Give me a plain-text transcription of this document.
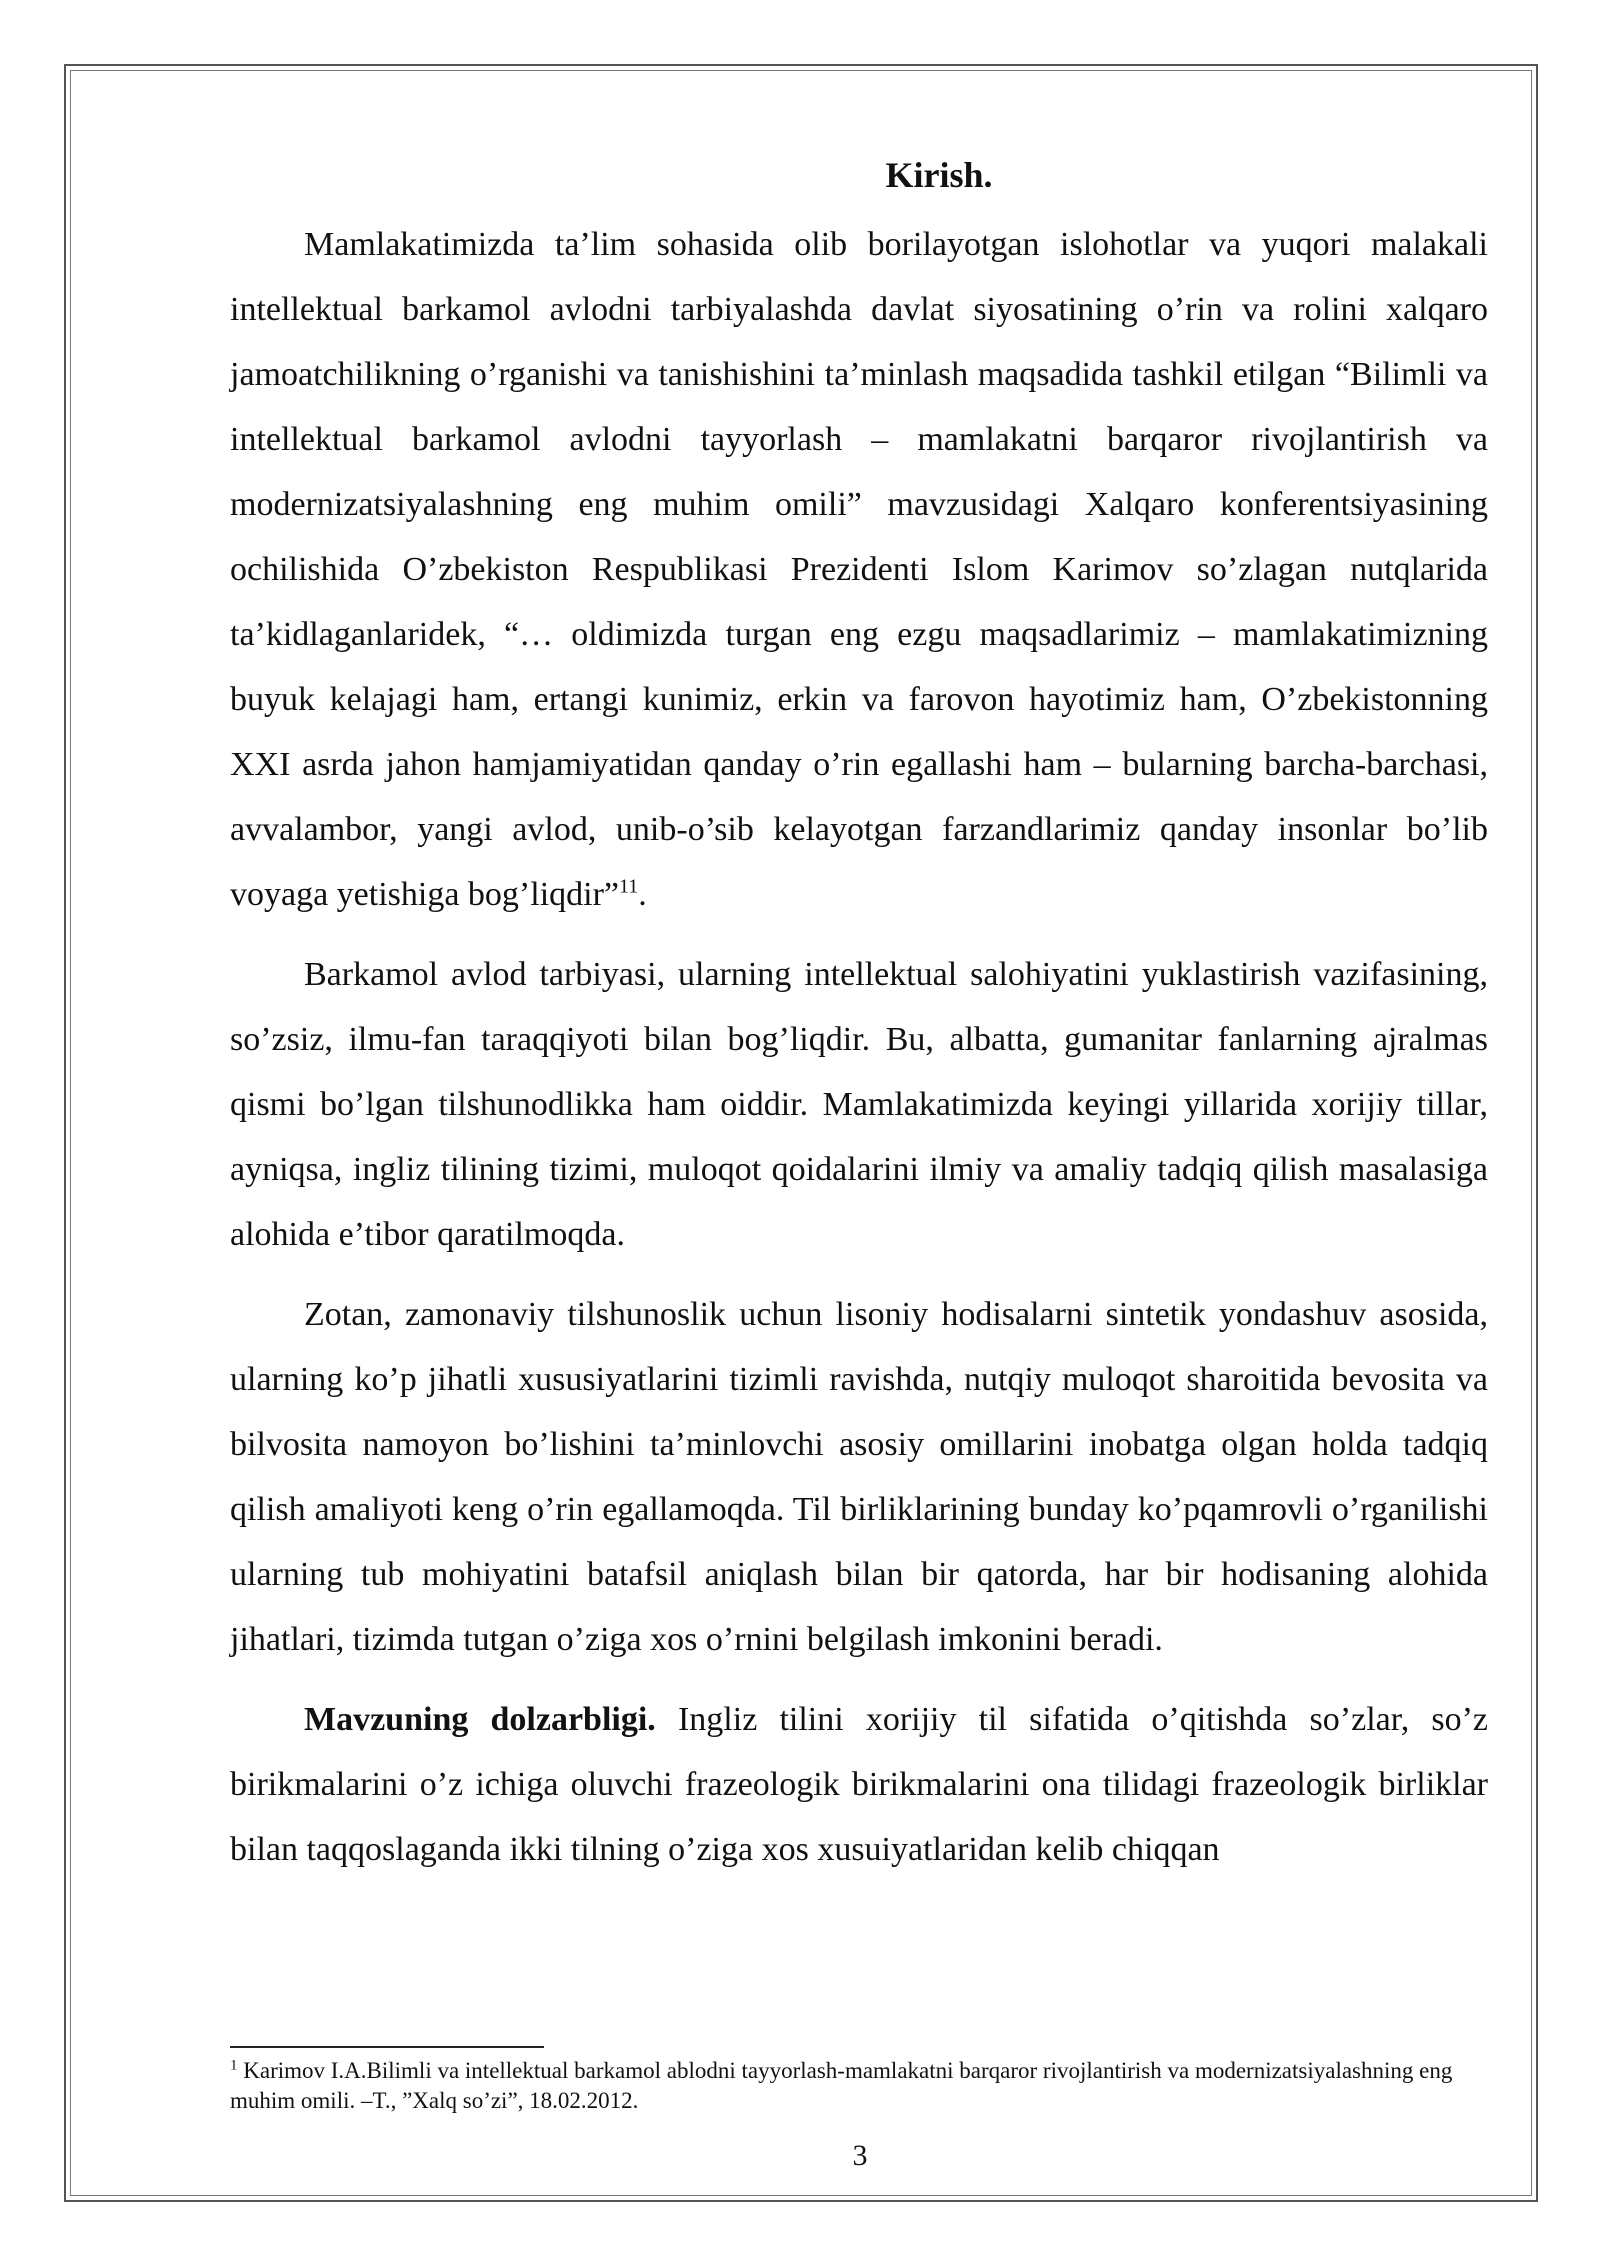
Kirish.

Mamlakatimizda ta’lim sohasida olib borilayotgan islohotlar va yuqori malakali intellektual barkamol avlodni tarbiyalashda davlat siyosatining o’rin va rolini xalqaro jamoatchilikning o’rganishi va tanishishini ta’minlash maqsadida tashkil etilgan “Bilimli va intellektual barkamol avlodni tayyorlash – mamlakatni barqaror rivojlantirish va modernizatsiyalashning eng muhim omili” mavzusidagi Xalqaro konferentsiyasining ochilishida O’zbekiston Respublikasi Prezidenti Islom Karimov so’zlagan nutqlarida ta’kidlaganlaridek, “… oldimizda turgan eng ezgu maqsadlarimiz – mamlakatimizning buyuk kelajagi ham, ertangi kunimiz, erkin va farovon hayotimiz ham, O’zbekistonning XXI asrda jahon hamjamiyatidan qanday o’rin egallashi ham – bularning barcha-barchasi, avvalambor, yangi avlod, unib-o’sib kelayotgan farzandlarimiz qanday insonlar bo’lib voyaga yetishiga bog’liqdir”$^{11}$.

Barkamol avlod tarbiyasi, ularning intellektual salohiyatini yuklastirish vazifasining, so’zsiz, ilmu-fan taraqqiyoti bilan bog’liqdir. Bu, albatta, gumanitar fanlarning ajralmas qismi bo’lgan tilshunodlikka ham oiddir. Mamlakatimizda keyingi yillarida xorijiy tillar, ayniqsa, ingliz tilining tizimi, muloqot qoidalarini ilmiy va amaliy tadqiq qilish masalasiga alohida e’tibor qaratilmoqda.

Zotan, zamonaviy tilshunoslik uchun lisoniy hodisalarni sintetik yondashuv asosida, ularning ko’p jihatli xususiyatlarini tizimli ravishda, nutqiy muloqot sharoitida bevosita va bilvosita namoyon bo’lishini ta’minlovchi asosiy omillarini inobatga olgan holda tadqiq qilish amaliyoti keng o’rin egallamoqda. Til birliklarining bunday ko’pqamrovli o’rganilishi ularning tub mohiyatini batafsil aniqlash bilan bir qatorda, har bir hodisaning alohida jihatlari, tizimda tutgan o’ziga xos o’rnini belgilash imkonini beradi.

Mavzuning dolzarbligi. Ingliz tilini xorijiy til sifatida o’qitishda so’zlar, so’z birikmalarini o’z ichiga oluvchi frazeologik birikmalarini ona tilidagi frazeologik birliklar bilan taqqoslaganda ikki tilning o’ziga xos xusuiyatlaridan kelib chiqqan

$^1$ Karimov I.A.Bilimli va intellektual barkamol ablodni tayyorlash-mamlakatni barqaror rivojlantirish va modernizatsiyalashning eng muhim omili. –T., ”Xalq so’zi”, 18.02.2012.
3
